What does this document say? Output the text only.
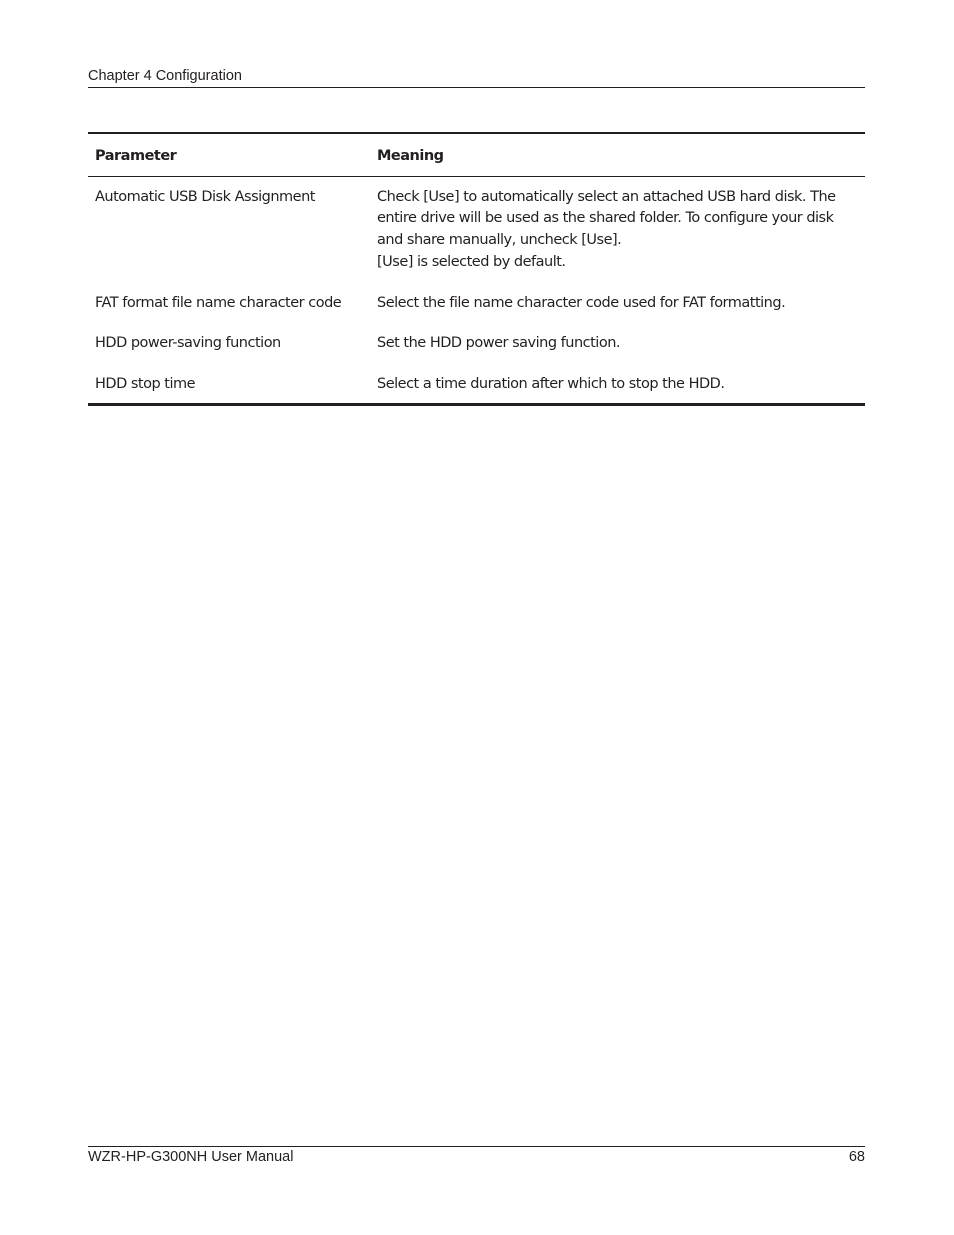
Chapter 4 Configuration
Parameter	Meaning
Automatic USB Disk Assignment	Check [Use] to automatically select an attached USB hard disk. The
entire drive will be used as the shared folder. To configure your disk
and share manually, uncheck [Use].
[Use] is selected by default.

FAT format file name character code	Select the file name character code used for FAT formatting.

HDD power-saving function	Set the HDD power saving function.

HDD stop time	Select a time duration after which to stop the HDD.
WZR-HP-G300NH User Manual	68
